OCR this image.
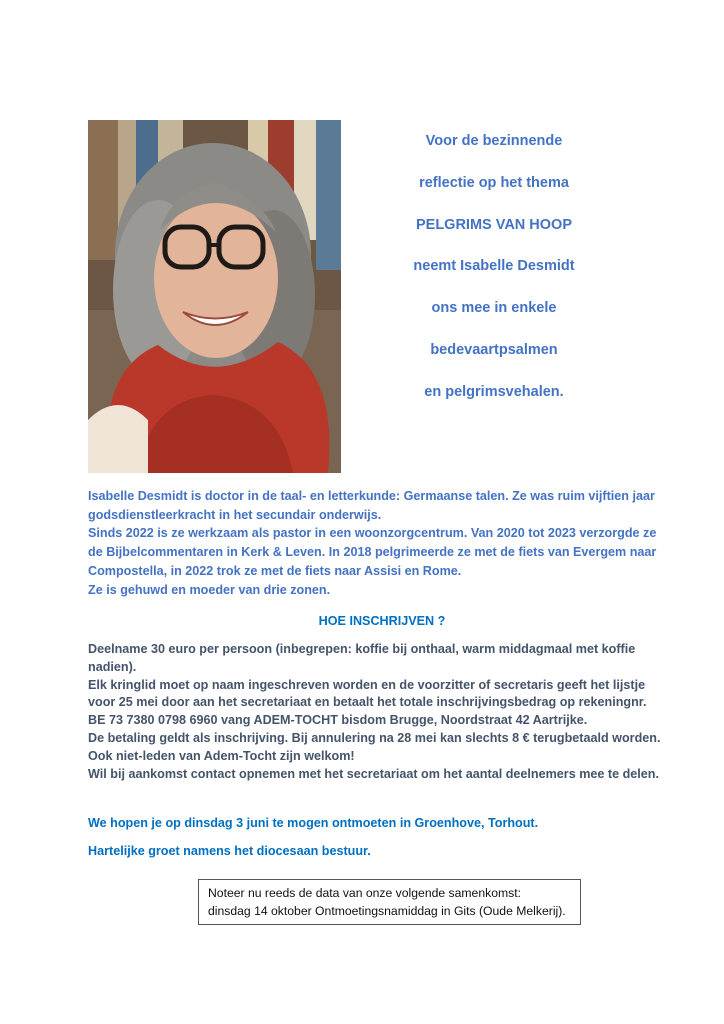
Voor de bezinnende
reflectie op het thema
PELGRIMS VAN HOOP
neemt Isabelle Desmidt
ons mee in enkele
bedevaartpsalmen
en pelgrimsvehalen.

Isabelle Desmidt is doctor in de taal- en letterkunde: Germaanse talen. Ze was ruim vijftien jaar

godsdienstleerkracht in het secundair onderwijs.

Sinds 2022 is ze werkzaam als pastor in een woonzorgcentrum. Van 2020 tot 2023 verzorgde ze

de Bijbelcommentaren in Kerk & Leven. In 2018 pelgrimeerde ze met de fiets van Evergem naar

Compostella, in 2022 trok ze met de fiets naar Assisi en Rome.

Ze is gehuwd en moeder van drie zonen.

HOE INSCHRIJVEN ?

Deelname 30 euro per persoon (inbegrepen: koffie bij onthaal, warm middagmaal met koffie

nadien).

Elk kringlid moet op naam ingeschreven worden en de voorzitter of secretaris geeft het lijstje

voor 25 mei door aan het secretariaat en betaalt het totale inschrijvingsbedrag op rekeningnr.

BE 73 7380 0798 6960 vang ADEM-TOCHT bisdom Brugge, Noordstraat 42 Aartrijke.

De betaling geldt als inschrijving. Bij annulering na 28 mei kan slechts 8 € terugbetaald worden.

Ook niet-leden van Adem-Tocht zijn welkom!

Wil bij aankomst contact opnemen met het secretariaat om het aantal deelnemers mee te delen.

We hopen je op dinsdag 3 juni te mogen ontmoeten in Groenhove, Torhout.

Hartelijke groet namens het diocesaan bestuur.

Noteer nu reeds de data van onze volgende samenkomst:

dinsdag 14 oktober Ontmoetingsnamiddag in Gits (Oude Melkerij).
